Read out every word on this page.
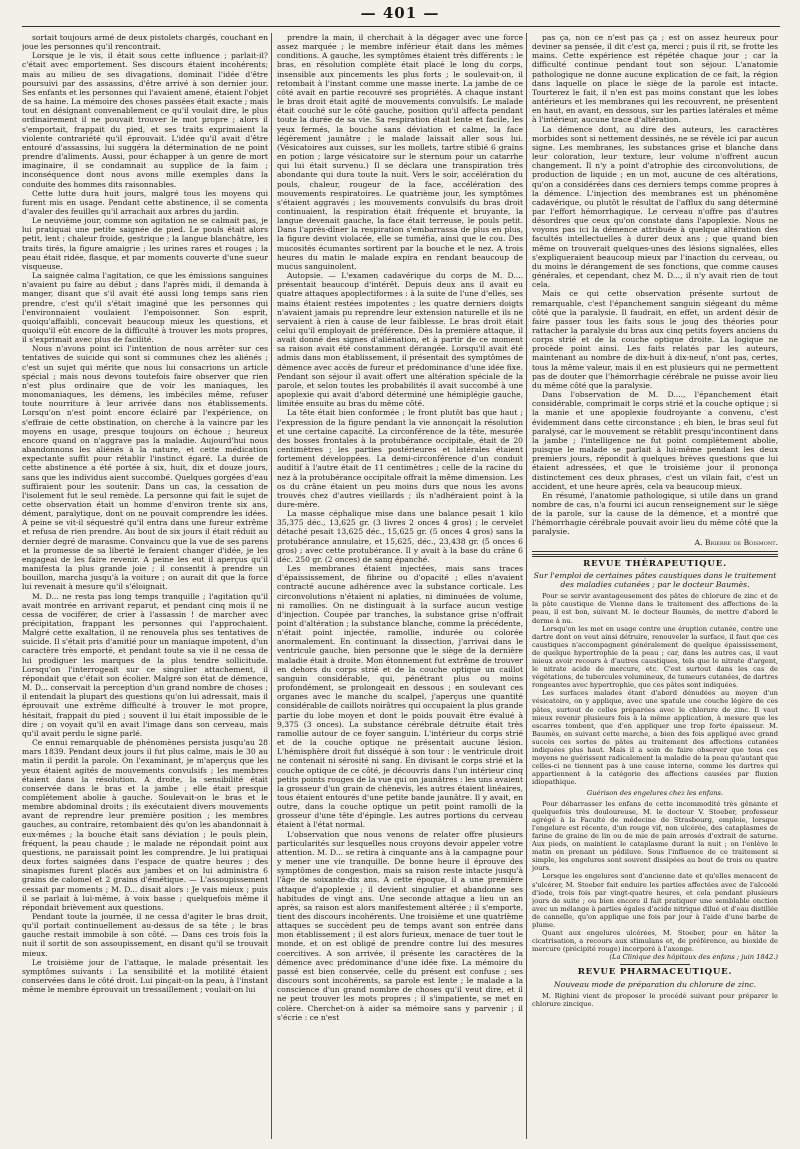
— 401 —

sortait toujours armé de deux pistolets chargés, couchant en joue les personnes qu'il rencontrait.

Lorsque je le vis, il était sous cette influence ; parlait-il? c'était avec emportement. Ses discours étaient incohérents; mais au milieu de ses divagations, dominait l'idée d'être poursuivi par des assassins, d'être arrivé à son dernier jour. Ses enfants et les personnes qui l'avaient amené, étaient l'objet de sa haine. La mémoire des choses passées était exacte ; mais tout en désignant convenablement ce qu'il voulait dire, le plus ordinairement il ne pouvait trouver le mot propre ; alors il s'emportait, frappait du pied, et ses traits exprimaient la violente contrariété qu'il éprouvait. L'idée qu'il avait d'être entouré d'assassins, lui suggéra la détermination de ne point prendre d'aliments. Aussi, pour échapper à un genre de mort imaginaire, il se condamnait au supplice de la faim ; inconséquence dont nous avons mille exemples dans la conduite des hommes dits raisonnables.

Cette lutte dura huit jours, malgré tous les moyens qui furent mis en usage. Pendant cette abstinence, il se comenta d'avaler des feuilles qu'il arrachait aux arbres du jardin.

Le neuvième jour, comme son agitation ne se calmait pas, je lui pratiquai une petite saignée de pied. Le pouls était alors petit, lent ; chaleur froide, gestrique ; la langue blanchâtre, les traits tirés, la figure amaigrie ; les urines rares et rouges ; la peau était ridée, flasque, et par moments couverte d'une sueur visqueuse.

La saignée calma l'agitation, ce que les émissions sanguines n'avaient pu faire au début ; dans l'après midi, il demanda à manger, disant que s'il avait été aussi long temps sans rien prendre, c'est qu'il s'était imaginé que les personnes qui l'environnaient voulaient l'empoisonner. Son esprit, quoiqu'affaibli, concevait beaucoup mieux les questions, et quoiqu'il eût encore de la difficulté à trouver les mots propres, il s'exprimait avec plus de facilité.

Nous n'avons point ici l'intention de nous arrêter sur ces tentatives de suicide qui sont si communes chez les aliénés ; c'est un sujet qui mérite que nous lui consacrions un article spécial ; mais nous devons toutefois faire observer que rien n'est plus ordinaire que de voir les maniaques, les monomaniaques, les démens, les imbéciles même, refuser toute nourriture à leur arrivée dans nos établissements. Lorsqu'on n'est point encore éclairé par l'expérience, on s'effraie de cette obstination, on cherche à la vaincre par les moyens en usage, presque toujours on échoue ; heureux encore quand on n'aggrave pas la maladie. Aujourd'hui nous abandonnons les aliénés à la nature, et cette médication expectante suffit pour rétablir l'instinct égaré. La durée de cette abstinence a été portée à six, huit, dix et douze jours, sans que les individus aient succombé. Quelques gorgées d'eau suffiraient pour les soutenir. Dans un cas, la cessation de l'isolement fut le seul remède. La personne qui fait le sujet de cette observation était un homme d'environ trente six ans, dément, paralytique, dont on ne pouvait comprendre les idées. A peine se vit-il séquestré qu'il entra dans une fureur extrême et refusa de rien prendre. Au bout de six jours il était réduit au dernier degré de marasme. Convaincu que la vue de ses parens et la promesse de sa liberté le feraient changer d'idée, je les engageai de les faire revenir. A peine les eut il aperçus qu'il manifesta la plus grande joie ; il consentit à prendre un bouillon, marcha jusqu'à la voiture ; on aurait dit que la force lui revenait à mesure qu'il s'éloignait.

M. D... ne resta pas long temps tranquille ; l'agitation qu'il avait montrée en arrivant reparut, et pendant cinq mois il ne cessa de vociférer, de crier à l'assassin ! de marcher avec précipitation, frappant les personnes qui l'approchaient. Malgré cette exaltation, il ne renouvela plus ses tentatives de suicide. Il s'était pris d'amitié pour un maniaque impotent, d'un caractère très emporté, et pendant toute sa vie il ne cessa de lui prodiguer les marques de la plus tendre sollicitude. Lorsqu'on l'interrogeait sur ce singulier attachement, il répondait que c'était son écolier. Malgré son état de démence, M. D... conservait la perception d'un grand nombre de choses ; il entendait la plupart des questions qu'on lui adressait, mais il éprouvait une extrême difficulté à trouver le mot propre, hésitait, frappait du pied ; souvent il lui était impossible de le dire ; on voyait qu'il en avait l'image dans son cerveau, mais qu'il avait perdu le signe parlé.

Ce ennui remarquable de phénomènes persista jusqu'au 28 mars 1839. Pendant deux jours il fut plus calme, mais le 30 au matin il perdit la parole. On l'examinant, je m'aperçus que les yeux étaient agités de mouvements convulsifs ; les membres étaient dans la résolution. A droite, la sensibilité était conservée dans le bras et la jambe ; elle était presque complètement abolie à gauche. Soulevait-on le bras et le membre abdominal droits ; ils exécutaient divers mouvements avant de reprendre leur première position ; les membres gauches, au contraire, retombaient dès qu'on les abandonnait à eux-mêmes ; la bouche était sans déviation ; le pouls plein, fréquent, la peau chaude ; le malade ne répondait point aux questions, ne paraissait point les comprendre. Je lui pratiquai deux fortes saignées dans l'espace de quatre heures ; des sinapismes furent placés aux jambes et on lui administra 6 grains de calomel et 2 grains d'émétique. — L'assoupissement cessait par moments ; M. D... disait alors : Je vais mieux ; puis il se parlait à lui-même, à voix basse ; quelquefois même il répondait brièvement aux questions.

Pendant toute la journée, il ne cessa d'agiter le bras droit, qu'il portait continuellement au-dessus de sa tête ; le bras gauche restait immobile à son côté. — Dans ces trois fois la nuit il sortit de son assoupissement, en disant qu'il se trouvait mieux.

Le troisième jour de l'attaque, le malade présentait les symptômes suivants : La sensibilité et la motilité étaient conservées dans le côté droit. Lui pinçait-on la peau, à l'instant même le membre éprouvait un tressaillement ; voulait-on lui

prendre la main, il cherchait à la dégager avec une force assez marquée ; le membre inférieur était dans les mêmes conditions. A gauche, les symptômes étaient très différents : le bras, en résolution complète était placé le long du corps, insensible aux pincements les plus forts ; le soulevait-on, il retombait à l'instant comme une masse inerte. La jambe de ce côté avait en partie recouvré ses propriétés. A chaque instant le bras droit était agité de mouvements convulsifs. Le malade était couché sur le côté gauche, position qu'il affecta pendant toute la durée de sa vie. Sa respiration était lente et facile, les yeux fermés, la bouche sans déviation et calme, la face légèrement jaunâtre ; le malade laissait aller sous lui. (Vésicatoires aux cuisses, sur les mollets, tartre stibié 6 grains en potion ; large vésicatoire sur le sternum pour un catarrhe qui lui était survenu.) Il se déclara une transpiration très abondante qui dura toute la nuit. Vers le soir, accélération du pouls, chaleur, rougeur de la face, accélération des mouvements respiratoires. Le quatrième jour, les symptômes s'étaient aggravés ; les mouvements convulsifs du bras droit continuaient, la respiration était fréquente et bruyante, la langue devenait gauche, la face était terreuse, le pouls petit. Dans l'après-dîner la respiration s'embarrassa de plus en plus, la figure devint violacée, elle se tuméfia, ainsi que le cou. Des mucosités écumantes sortirent par la bouche et le nez. A trois heures du matin le malade expira en rendant beaucoup de mucus sanguinolent.

Autopsie. — L'examen cadavérique du corps de M. D.... présentait beaucoup d'intérêt. Depuis deux ans il avait eu quatre attaques apoplectiformes : à la suite de l'une d'elles, ses mains étaient restées impotentes ; les quatre derniers doigts n'avaient jamais pu reprendre leur extension naturelle et ils ne servaient à rien à cause de leur faiblesse. Le bras droit était celui qu'il employait de préférence. Dès la première attaque, il avait donné des signes d'aliénation, et à partir de ce moment sa raison avait été constamment dérangée. Lorsqu'il avait été admis dans mon établissement, il présentait des symptômes de démence avec accès de fureur et prédominance d'une idée fixe. Pendant son séjour il avait offert une altération spéciale de la parole, et selon toutes les probabilités il avait succombé à une apoplexie qui avait d'abord déterminé une hémiplégie gauche, limitée ensuite au bras du même côté.

La tête était bien conformée ; le front plutôt bas que haut ; l'expression de la figure pendant la vie annonçait la résolution et une certaine capacité. La circonférence de la tête, mesurée des bosses frontales à la protubérance occipitale, était de 20 centimètres ; les parties postérieures et latérales étaient fortement développées. La demi-circonférence d'un conduit auditif à l'autre était de 11 centimètres ; celle de la racine du nez à la protubérance occipitale offrait la même dimension. Les os du crâne étaient un peu moins durs que nous les avons trouvés chez d'autres vieillards ; ils n'adhéraient point à la dure-mère.

La masse céphalique mise dans une balance pesait 1 kilo 35,375 déc., 13,625 gr. (3 livres 2 onces 4 gros) ; le cervelet détaché pesait 13,625 déc., 15,625 gr. (5 onces 4 gros) sans la protubérance annulaire, et 15,625, déc., 23,438 gr. (5 onces 6 gros) ; avec cette protubérance. Il y avait à la base du crâne 6 déc. 250 gr. (2 onces) de sang épanché.

Les membranes étaient injectées, mais sans traces d'épaississement, de fibrine ou d'opacité ; elles n'avaient contracté aucune adhérence avec la substance corticale. Les circonvolutions n'étaient ni aplaties, ni diminuées de volume, ni ramollies. On ne distinguait à la surface aucun vestige d'injection. Coupée par tranches, la substance grise n'offrait point d'altération ; la substance blanche, comme la précédente, n'était point injectée, ramollie, indurée ou colorée anormalement. En continuant la dissection, j'arrivai dans le ventricule gauche, bien personne que le siège de la dernière maladie était à droite. Mon étonnement fut extrême de trouver en dehors du corps strié et de la couche optique un caillot sanguin considérable, qui, pénétrant plus ou moins profondément, se prolongeait en dessous ; en soulevant ces organes avec le manche du scalpel, j'aperçus une quantité considérable de caillots noirâtres qui occupaient la plus grande partie du lobe moyen et dont le poids pouvait être évalué à 9,375 (3 onces). La substance cérébrale détruite était très ramollie autour de ce foyer sanguin. L'intérieur du corps strié et de la couche optique ne présentait aucune lésion. L'hémisphère droit fut disséqué à son tour : le ventricule droit ne contenait ni sérosité ni sang. En divisant le corps strié et la couche optique de ce côté, je découvris dans l'un intérieur cinq petits points rouges de la vue qui on jaunâtres : les uns avaient la grosseur d'un grain de chènevis, les autres étaient linéaires, tous étaient entourés d'une petite bande jaunâtre. Il y avait, en outre, dans la couche optique un petit point ramolli de la grosseur d'une tête d'épingle. Les autres portions du cerveau étaient à l'état normal.

L'observation que nous venons de relater offre plusieurs particularités sur lesquelles nous croyons devoir appeler votre attention. M. D... se retira à cinquante ans à la campagne pour y mener une vie tranquille. De bonne heure il éprouve des symptômes de congestion, mais sa raison reste intacte jusqu'à l'âge de soixante-dix ans. A cette époque, il a une première attaque d'apoplexie ; il devient singulier et abandonne ses habitudes de vingt ans. Une seconde attaque a lieu un an après, sa raison est alors manifestement altérée ; il s'emporte, tient des discours incohérents. Une troisième et une quatrième attaques se succèdent peu de temps avant son entrée dans mon établissement ; il est alors furieux, menace de tuer tout le monde, et on est obligé de prendre contre lui des mesures coercitives. A son arrivée, il présente les caractères de la démence avec prédominance d'une idée fixe. La mémoire du passé est bien conservée, celle du présent est confuse ; ses discours sont incohérents, sa parole est lente ; le malade a la conscience d'un grand nombre de choses qu'il veut dire, et il ne peut trouver les mots propres ; il s'impatiente, se met en colère. Cherchet-on à aider sa mémoire sans y parvenir ; il s'écrie : ce n'est

pas ça, non ce n'est pas ça ; est on assez heureux pour deviner sa pensée, il dit c'est ça, merci ; puis il rit, se frotte les mains. Cette expérience est répétée chaque jour ; car la difficulté continue pendant tout son séjour. L'anatomie pathologique ne donne aucune explication de ce fait, la région dans laquelle on place le siège de la parole est intacte. Tourterez le fait, il n'en est pas moins constant que les lobes antérieurs et les membranes qui les recouvrent, ne présentent en haut, en avant, en dessous, sur les parties latérales et même à l'intérieur, aucune trace d'altération.

La démence dont, au dire des auteurs, les caractères morbides sont si nettement dessinés, ne se révèle ici par aucun signe. Les membranes, les substances grise et blanche dans leur coloration, leur texture, leur volume n'offrent aucun changement. Il n'y a point d'atrophie des circonvolutions, de production de liquide ; en un mot, aucune de ces altérations, qu'on a considérées dans ces derniers temps comme propres à la démence. L'injection des membranes est un phénomène cadavérique, ou plutôt le résultat de l'afflux du sang déterminé par l'effort hémorrhagique. Le cerveau n'offre pas d'autres désordres que ceux qu'on constate dans l'apoplexie. Nous ne voyons pas ici la démence attribuée à quelque altération des facultés intellectuelles à durer deux ans ; que quand bien même on trouverait quelques-unes des lésions signalées, elles s'expliqueraient beaucoup mieux par l'inaction du cerveau, ou du moins le dérangement de ses fonctions, que comme causes générales, et cependant, chez M. D..., il n'y avait rien de tout cela.

Mais ce qui cette observation présente surtout de remarquable, c'est l'épanchement sanguin siégeant du même côté que la paralysie. Il faudrait, en effet, un ardent désir de faire passer tous les faits sous le joug des théories pour rattacher la paralysie du bras aux cinq petits foyers anciens du corps strié et de la couche optique droite. La logique ne procède point ainsi. Les faits relatés par les auteurs, maintenant au nombre de dix-huit à dix-neuf, n'ont pas, certes, tous la même valeur, mais il en est plusieurs qui ne permettent pas de douter que l'hémorrhagie cérébrale ne puisse avoir lieu du même côté que la paralysie.

Dans l'observation de M. D...., l'épanchement était considérable, comprimait le corps strié et la couche optique ; si la manie et une apoplexie foudroyante a convenu, c'est évidemment dans cette circonstance ; eh bien, le bras seul fut paralysé, car le mouvement se rétablit presqu'incontinent dans la jambe ; l'intelligence ne fut point complètement abolie, puisque le malade se parlait à lui-même pendant les deux premiers jours, répondit à quelques brèves questions que lui étaient adressées, et que le troisième jour il prononça distinctement ces deux phrases, c'est un vilain fait, c'est un accident, et une heure après, cela va beaucoup mieux.

En résumé, l'anatomie pathologique, si utile dans un grand nombre de cas, n'a fourni ici aucun renseignement sur le siège de la parole, sur la cause de la démence, et a montré que l'hémorrhagie cérébrale pouvait avoir lieu du même côté que la paralysie.

A. Brierre de Boismont.

REVUE THÉRAPEUTIQUE.

Sur l'emploi de certaines pâtes caustiques dans le traitement des maladies cutanées ; par le docteur Baumès.

Pour se servir avantageusement des pâtes de chlorure de zinc et de la pâte caustique de Vienne dans le traitement des affections de la peau, il est bon, suivant M. le docteur Baumès, de mettre d'abord le derme à nu.

Lorsqu'on les met en usage contre une éruption cutanée, contre une dartre dont on veut ainsi détruire, renouveler la surface, il faut que ces caustiques n'accompagnent généralement de quelque épaississement, de quelque hypertrophie de la peau ; car, dans les autres cas, il vaut mieux avoir recours à d'autres caustiques, tels que le nitrate d'argent, le nitrate acide de mercure, etc. C'est surtout dans les cas de végétations, de tubercules volumineux, de tumeurs cutanées, de dartres rongeantes avec hypertrophie, que ces pâtes sont indiquées.

Les surfaces malades étant d'abord dénudées au moyen d'un vésicatoire, on y applique, avec une spatule une couche légère de ces pâtes, surtout de celles préparées avec le chlorure de zinc. Il vaut mieux revenir plusieurs fois à la même application, à mesure que les escarres tombent, que d'en appliquer une trop forte épaisseur. M. Baumès, en suivant cette marche, a bien des fois appliqué avec grand succès ces sortes de pâtes au traitement des affections cutanées indiquées plus haut. Mais il a soin de faire observer que tous ces moyens ne guérissent radicalement la maladie de la peau qu'autant que celles-ci ne tiennent pas à une cause interne, comme les dartres qui appartiennent à la catégorie des affections causées par fluxion idiopathique.

Guérison des engelures chez les enfans.

Pour débarrasser les enfans de cette incommodité très gênante et quelquefois très douloureuse, M. le docteur V. Stoeber, professeur agrégé à la Faculté de médecine de Strasbourg, emploie, lorsque l'engelure est récente, d'un rouge vif, non ulcérée, des cataplasmes de farine de graine de lin ou de mie de pain arrosés d'extrait de saturne. Aux pieds, on maintient le cataplasme durant la nuit ; on l'enlève le matin en prenant un pédiluve. Sous l'influence de ce traitement si simple, les engelures sont souvent dissipées au bout de trois ou quatre jours.

Lorsque les engelures sont d'ancienne date et qu'elles menacent de s'ulcérer, M. Stoeber fait enduire les parties affectées avec de l'alcoolé d'iode, trois fois par vingt-quatre heures, et cela pendant plusieurs jours de suite ; ou bien encore il fait pratiquer une semblable onction avec un mélange à parties égales d'acide nitrique dilué et d'eau distillée de cannelle, qu'on applique une fois par jour à l'aide d'une barbe de plume.

Quant aux engelures ulcérées, M. Stoeber, pour en hâter la cicatrisation, a recours aux stimulans et, de préférence, au bioxide de mercure (précipité rouge) incorporé à l'axonge.

(La Clinique des hôpitaux des enfans ; juin 1842.)

REVUE PHARMACEUTIQUE.

Nouveau mode de préparation du chlorure de zinc.

M. Righini vient de proposer le procédé suivant pour préparer le chlorure zincique.
